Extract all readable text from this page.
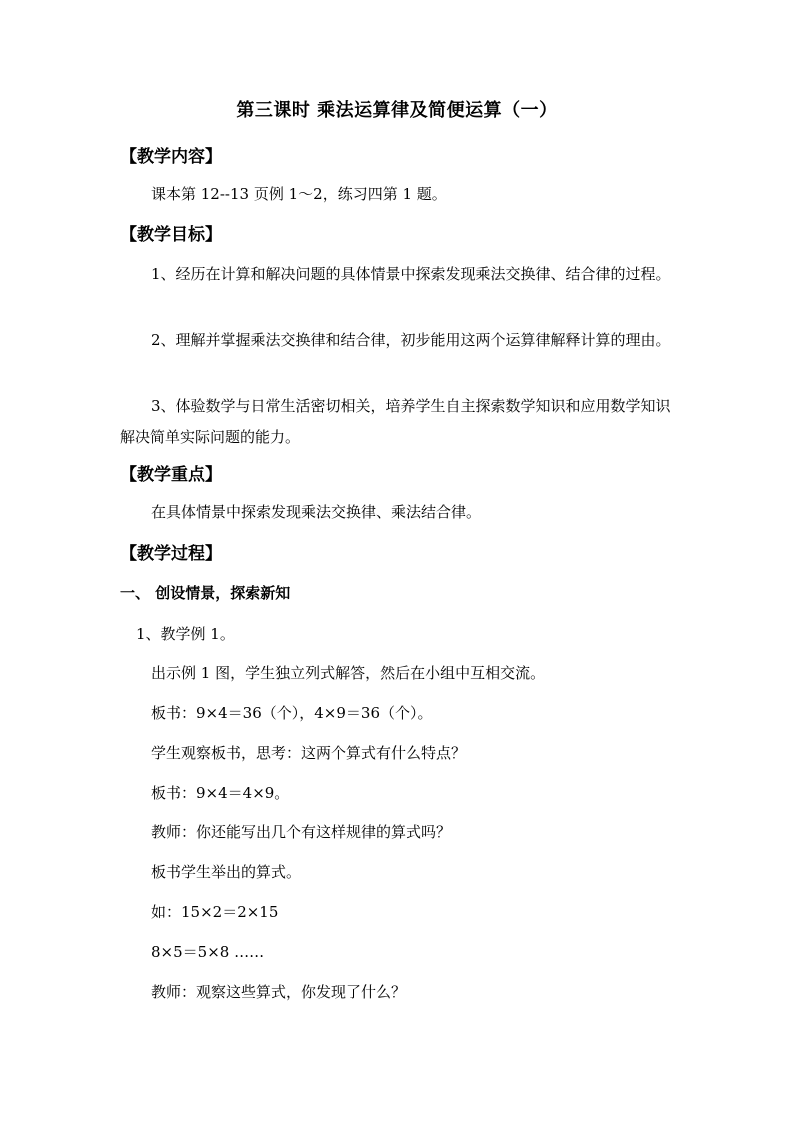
第三课时 乘法运算律及简便运算（一）
【教学内容】
课本第 12--13 页例 1～2，练习四第 1 题。
【教学目标】
1、经历在计算和解决问题的具体情景中探索发现乘法交换律、结合律的过程。
2、理解并掌握乘法交换律和结合律，初步能用这两个运算律解释计算的理由。
3、体验数学与日常生活密切相关，培养学生自主探索数学知识和应用数学知识解决简单实际问题的能力。
【教学重点】
在具体情景中探索发现乘法交换律、乘法结合律。
【教学过程】
一、 创设情景，探索新知
1、教学例 1。
出示例 1 图，学生独立列式解答，然后在小组中互相交流。
板书：9×4＝36（个），4×9＝36（个）。
学生观察板书，思考：这两个算式有什么特点？
板书：9×4＝4×9。
教师：你还能写出几个有这样规律的算式吗？
板书学生举出的算式。
如：15×2＝2×15
8×5＝5×8 ……
教师：观察这些算式，你发现了什么？
